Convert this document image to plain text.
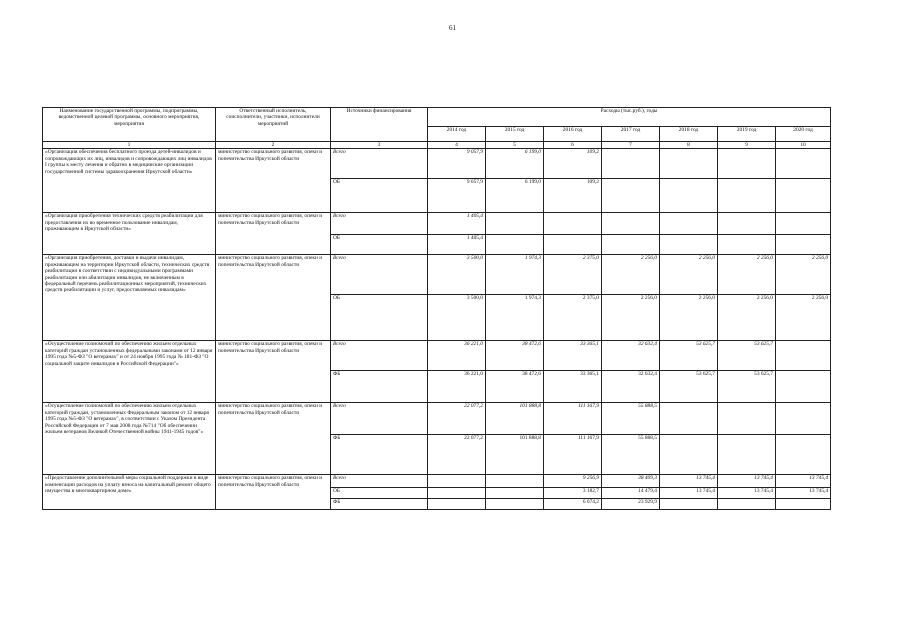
61
Наименование государственной программы, подпрограммы, ведомственной целевой программы, основного мероприятия, мероприятия	Ответственный исполнитель, соисполнители, участники, исполнители мероприятий	Источники финансирования	Расходы (тыс.руб.), годы						
			2014 год	2015 год	2016 год	2017 год	2018 год	2019 год	2020 год
1	2	3	4	5	6	7	8	9	10
«Организация обеспечения бесплатного проезда детей-инвалидов и сопровождающих их лиц, инвалидов и сопровождающих лиц инвалидов I группы к месту лечения и обратно в медицинские организации государственной системы здравоохранения Иркутской области»	министерство социального развития, опеки и попечительства Иркутской области	Всего	9 057,9	6 199,0	109,2				
		ОБ	9 057,9	6 199,0	109,2				
«Организация приобретения технических средств реабилитации для предоставления их во временное пользование инвалидам, проживающим в Иркутской области»	министерство социального развития, опеки и попечительства Иркутской области	Всего	1 405,4						
		ОБ	1 405,4						
«Организация приобретения, доставки и выдачи инвалидам, проживающим на территории Иркутской области, технических средств реабилитации в соответствии с индивидуальными программами реабилитации или абилитации инвалидов, не включенным в федеральный перечень реабилитационных мероприятий, технических средств реабилитации и услуг, предоставляемых инвалидам»	министерство социального развития, опеки и попечительства Иркутской области	Всего	3 500,0	1 974,3	2 375,0	2 256,0	2 256,0	2 256,0	2 256,0
		ОБ	3 500,0	1 974,3	2 375,0	2 256,0	2 256,0	2 256,0	2 256,0
«Осуществление полномочий по обеспечению жильем отдельных категорий граждан установленных федеральными законами от 12 января 1995 года №5-ФЗ "О ветеранах" и от 24 ноября 1995 года № 181-ФЗ "О социальной защите инвалидов в Российской Федерации"»	министерство социального развития, опеки и попечительства Иркутской области	Всего	36 221,0	38 472,6	33 365,1	32 632,4	53 625,7	53 625,7	
		ФБ	36 221,0	38 472,6	33 365,1	32 632,4	53 625,7	53 625,7	
«Осуществление полномочий по обеспечению жильем отдельных категорий граждан, установленных Федеральным законом от 12 января 1995 года №5-ФЗ "О ветеранах", в соответствии с Указом Президента Российской Федерации от 7 мая 2008 года №714 "Об обеспечении жильем ветеранов Великой Отечественной войны 1941-1945 годов"»	министерство социального развития, опеки и попечительства Иркутской области	Всего	22 077,2	101 888,8	111 167,9	55 888,5			
		ФБ	22 077,2	101 888,8	111 167,9	55 888,5			
«Предоставление дополнительной меры социальной поддержки в виде компенсации расходов на уплату взноса на капитальный ремонт общего имущества в многоквартирном доме»	министерство социального развития, опеки и попечительства Иркутской области	Всего			9 256,9	38 409,3	13 745,4	13 745,4	13 745,4
		ОБ			3 182,7	14 479,4	13 745,4	13 745,4	13 745,4
		ФБ			6 074,2	23 929,9			
